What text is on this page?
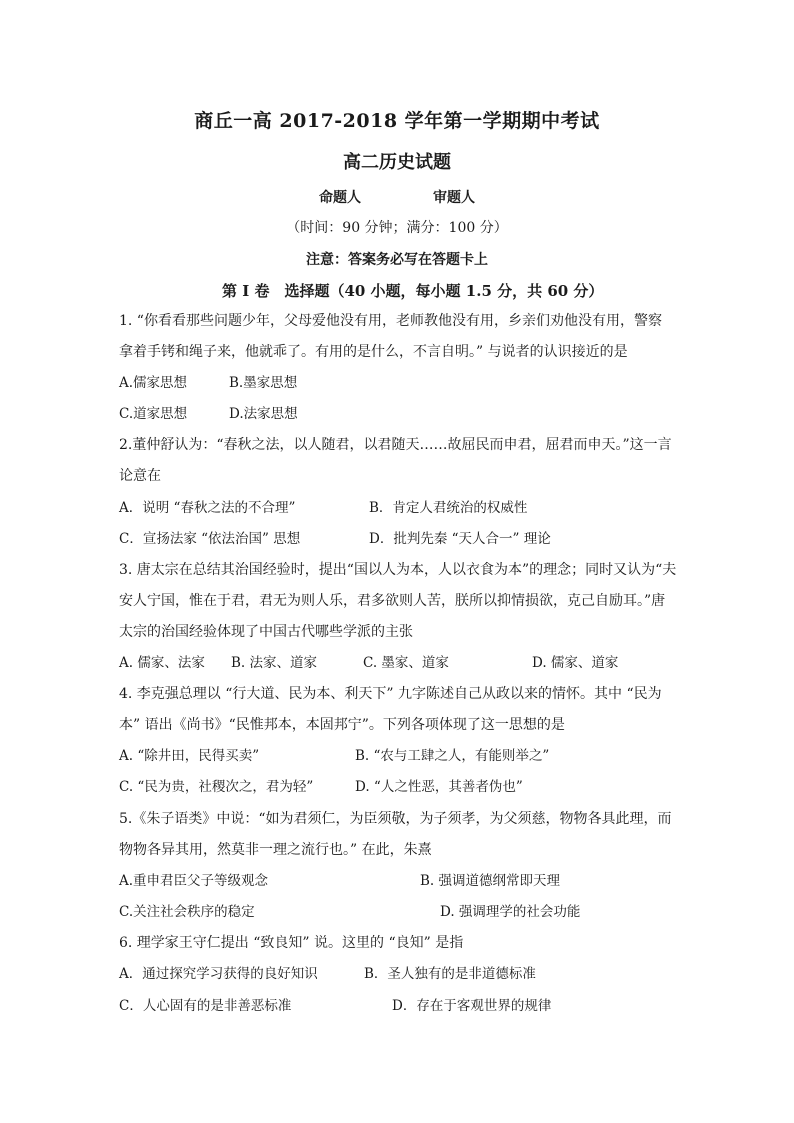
商丘一高 2017-2018 学年第一学期期中考试
高二历史试题
命题人	审题人
（时间：90 分钟；满分：100 分）
注意：答案务必写在答题卡上
第 I 卷　选择题（40 小题，每小题 1.5 分，共 60 分）
1. “你看看那些问题少年，父母爱他没有用，老师教他没有用，乡亲们劝他没有用，警察
拿着手铐和绳子来，他就乖了。有用的是什么，不言自明。” 与说者的认识接近的是
A.儒家思想	B.墨家思想
C.道家思想	D.法家思想
2.董仲舒认为：“春秋之法，以人随君，以君随天……故屈民而申君，屈君而申天。”这一言
论意在
A．说明 “春秋之法的不合理”	B．肯定人君统治的权威性
C．宣扬法家 “依法治国” 思想	D．批判先秦 “天人合一” 理论
3. 唐太宗在总结其治国经验时，提出“国以人为本，人以衣食为本”的理念；同时又认为“夫
安人宁国，惟在于君，君无为则人乐，君多欲则人苦，朕所以抑情损欲，克己自励耳。”唐
太宗的治国经验体现了中国古代哪些学派的主张
A. 儒家、法家 B. 法家、道家	C. 墨家、道家	D. 儒家、道家
4. 李克强总理以 “行大道、民为本、利天下” 九字陈述自己从政以来的情怀。其中 “民为
本” 语出《尚书》“民惟邦本，本固邦宁”。下列各项体现了这一思想的是
A. “除井田，民得买卖”	B. “农与工肆之人，有能则举之”
C. “民为贵，社稷次之，君为轻”	D. “人之性恶，其善者伪也”
5.《朱子语类》中说：“如为君须仁，为臣须敬，为子须孝，为父须慈，物物各具此理，而
物物各异其用，然莫非一理之流行也。” 在此，朱熹
A.重申君臣父子等级观念	B. 强调道德纲常即天理
C.关注社会秩序的稳定	D. 强调理学的社会功能
6. 理学家王守仁提出 “致良知” 说。这里的 “良知” 是指
A．通过探究学习获得的良好知识	B．圣人独有的是非道德标准
C．人心固有的是非善恶标准	D．存在于客观世界的规律
